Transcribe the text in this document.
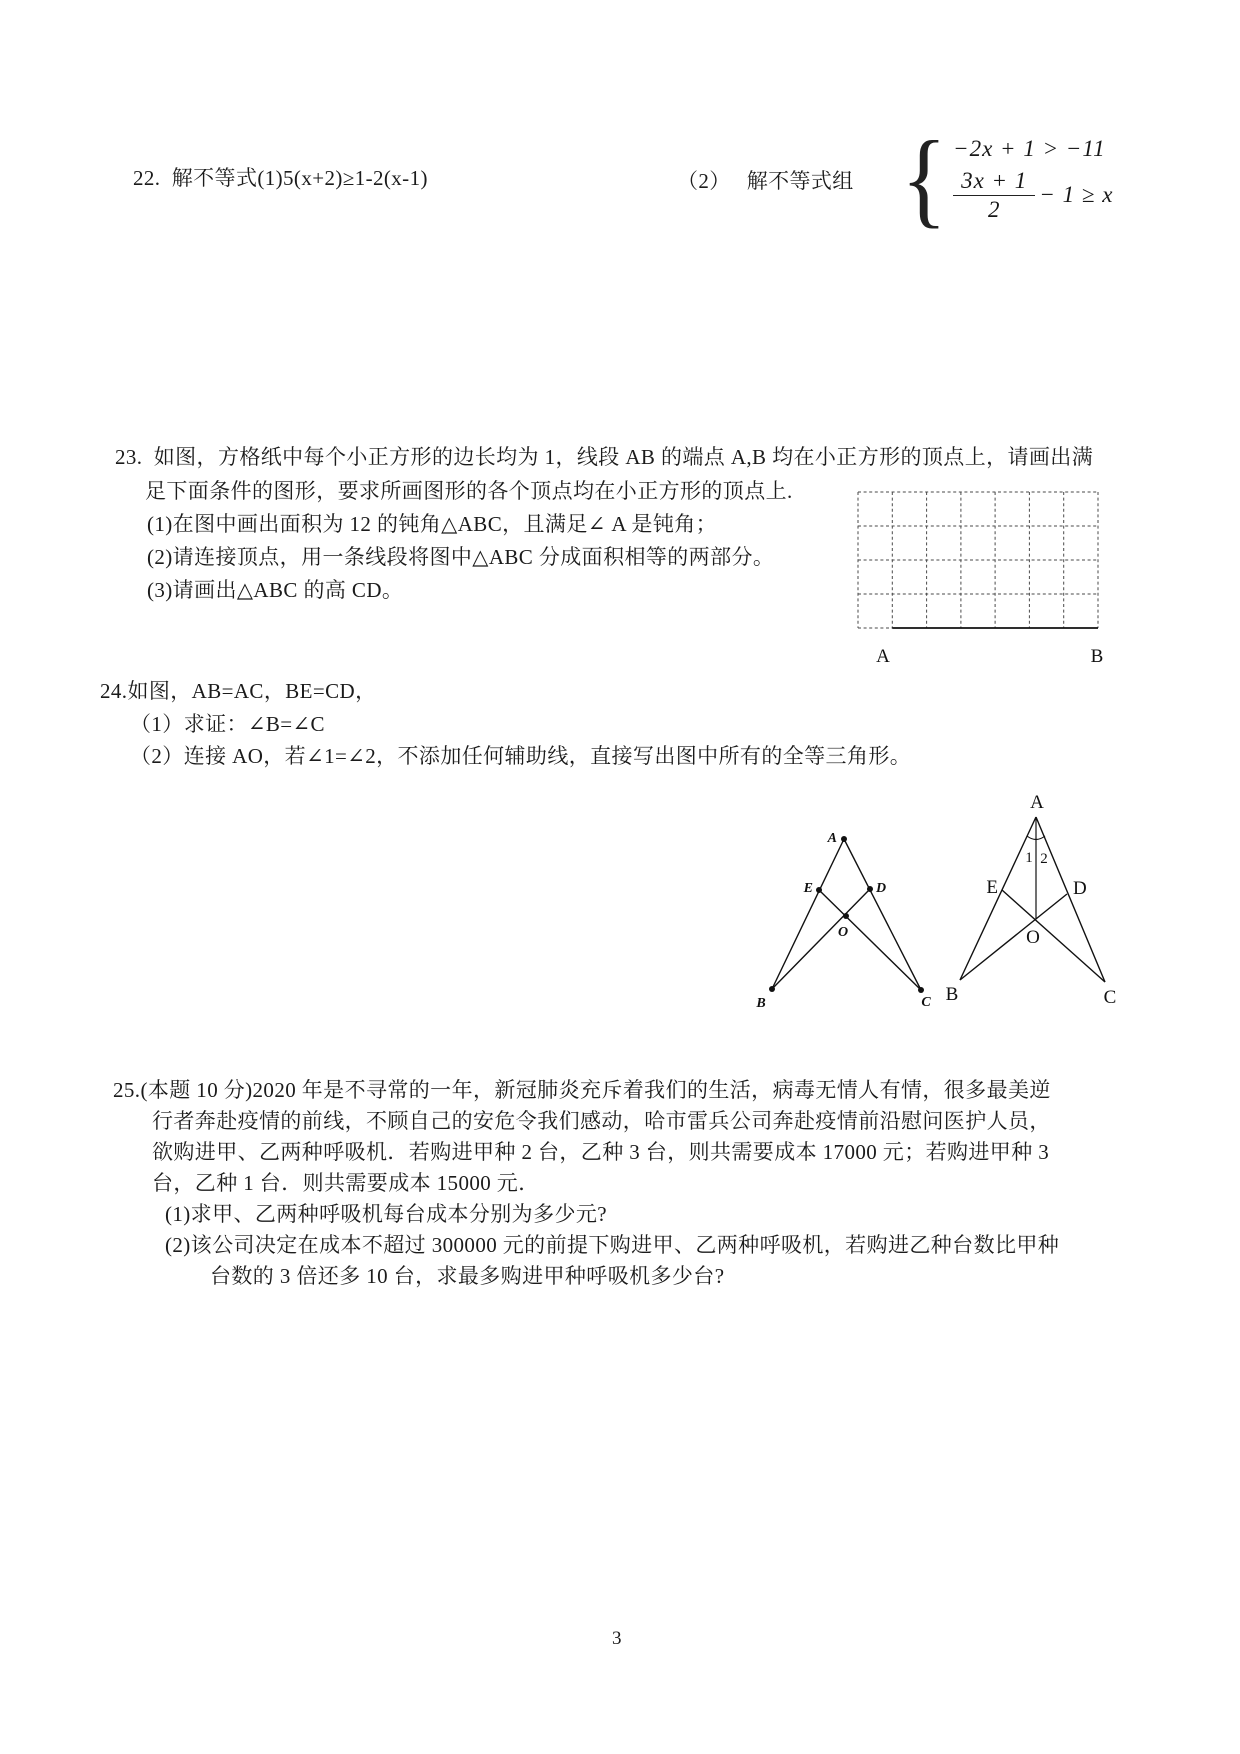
22.  解不等式(1)5(x+2)≥1-2(x-1)	（2） 解不等式组 { −2x + 1 > −11
$\frac{3x + 1}{2} - 1 \ge x$
23.  如图，方格纸中每个小正方形的边长均为 1，线段 AB 的端点 A,B 均在小正方形的顶点上，请画出满
足下面条件的图形，要求所画图形的各个顶点均在小正方形的顶点上.
(1)在图中画出面积为 12 的钝角△ABC，且满足∠ A 是钝角；
(2)请连接顶点，用一条线段将图中△ABC 分成面积相等的两部分。
(3)请画出△ABC 的高 CD。
A	B
24.如图，AB=AC，BE=CD，
（1）求证：∠B=∠C
（2）连接 AO，若∠1=∠2，不添加任何辅助线，直接写出图中所有的全等三角形。
A
E	D
O
B	C
A
E	D
O
B	C
1 2
25.(本题 10 分)2020 年是不寻常的一年，新冠肺炎充斥着我们的生活，病毒无情人有情，很多最美逆
行者奔赴疫情的前线，不顾自己的安危令我们感动，哈市雷兵公司奔赴疫情前沿慰问医护人员，
欲购进甲、乙两种呼吸机．若购进甲种 2 台，乙种 3 台，则共需要成本 17000 元；若购进甲种 3
台，乙种 1 台．则共需要成本 15000 元．
(1)求甲、乙两种呼吸机每台成本分别为多少元?
(2)该公司决定在成本不超过 300000 元的前提下购进甲、乙两种呼吸机，若购进乙种台数比甲种
台数的 3 倍还多 10 台，求最多购进甲种呼吸机多少台?
3
